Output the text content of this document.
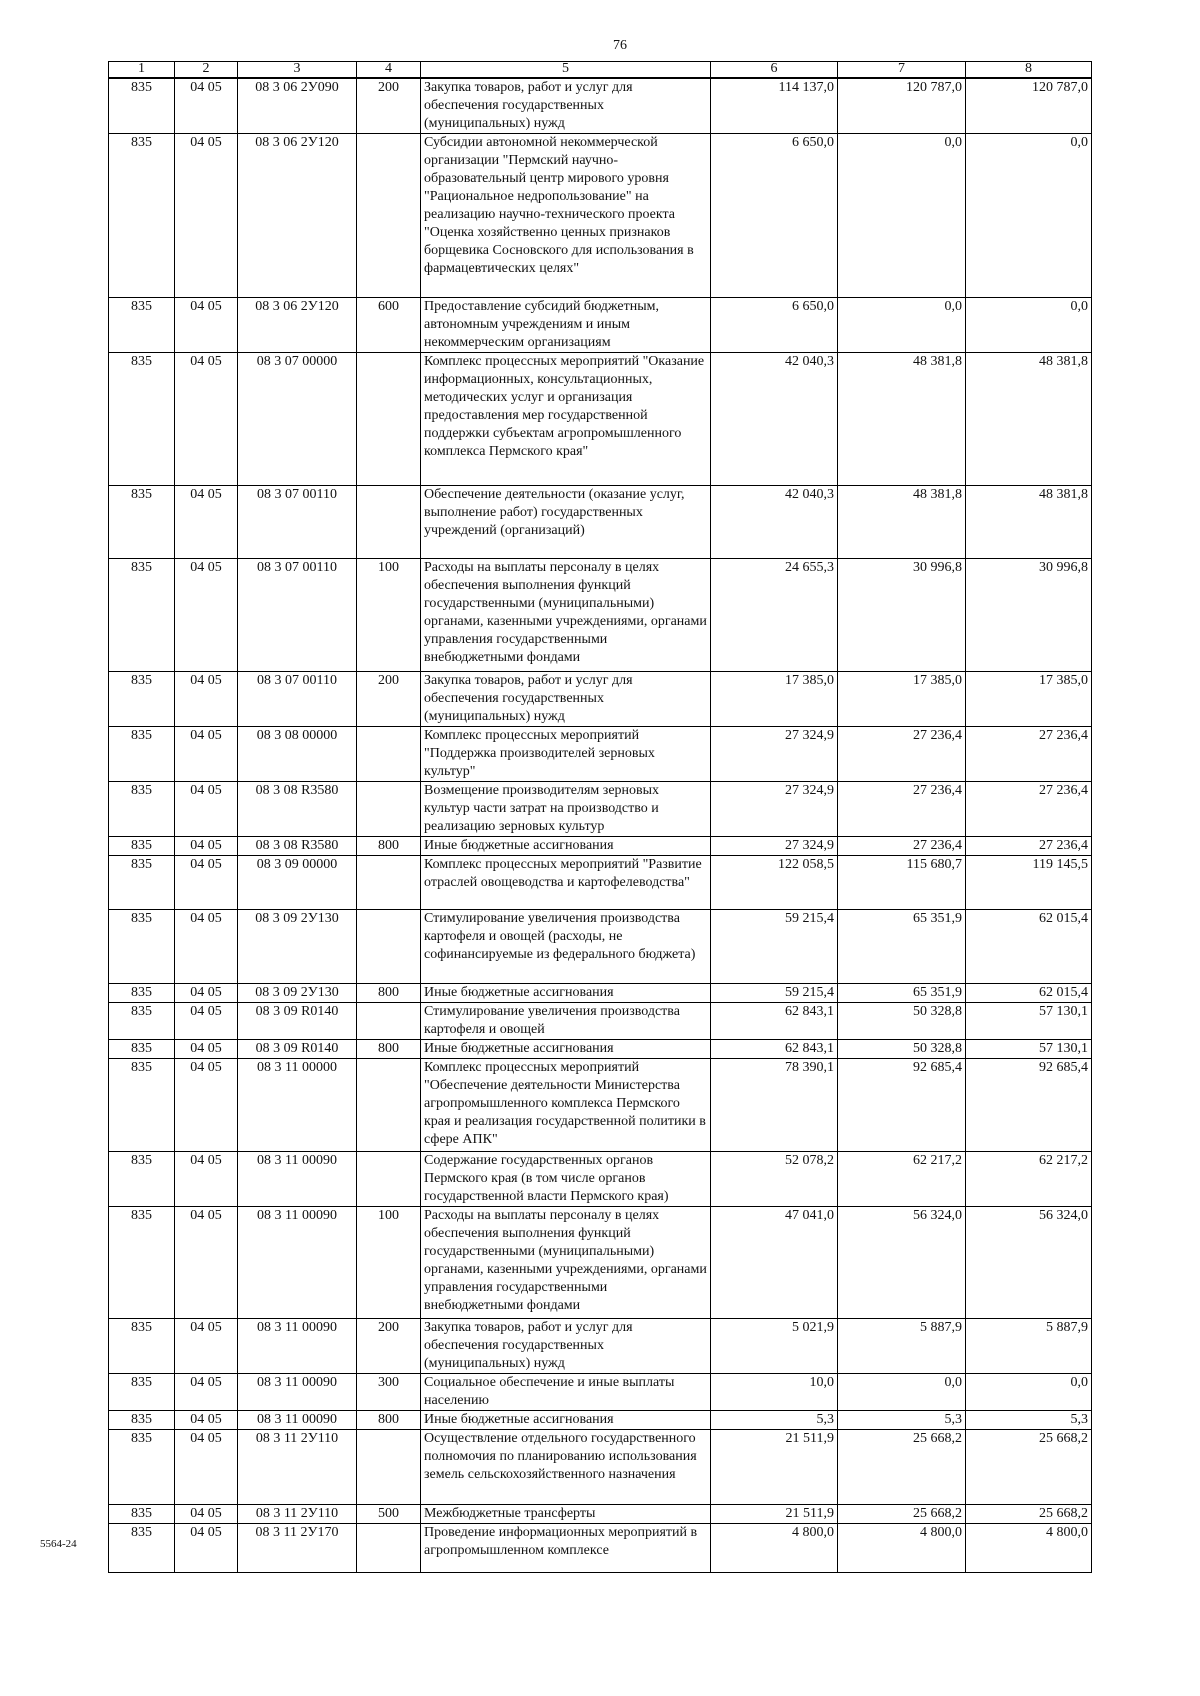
76
1	2	3	4	5	6	7	8
835	04 05	08 3 06 2У090	200	Закупка товаров, работ и услуг для обеспечения государственных (муниципальных) нужд	114 137,0	120 787,0	120 787,0
835	04 05	08 3 06 2У120		Субсидии автономной некоммерческой организации "Пермский научно-образовательный центр мирового уровня "Рациональное недропользование" на реализацию научно-технического проекта "Оценка хозяйственно ценных признаков борщевика Сосновского для использования в фармацевтических целях"	6 650,0	0,0	0,0
835	04 05	08 3 06 2У120	600	Предоставление субсидий бюджетным, автономным учреждениям и иным некоммерческим организациям	6 650,0	0,0	0,0
835	04 05	08 3 07 00000		Комплекс процессных мероприятий "Оказание информационных, консультационных, методических услуг и организация предоставления мер государственной поддержки субъектам агропромышленного комплекса Пермского края"	42 040,3	48 381,8	48 381,8
835	04 05	08 3 07 00110		Обеспечение деятельности (оказание услуг, выполнение работ) государственных учреждений (организаций)	42 040,3	48 381,8	48 381,8
835	04 05	08 3 07 00110	100	Расходы на выплаты персоналу в целях обеспечения выполнения функций государственными (муниципальными) органами, казенными учреждениями, органами управления государственными внебюджетными фондами	24 655,3	30 996,8	30 996,8
835	04 05	08 3 07 00110	200	Закупка товаров, работ и услуг для обеспечения государственных (муниципальных) нужд	17 385,0	17 385,0	17 385,0
835	04 05	08 3 08 00000		Комплекс процессных мероприятий "Поддержка производителей зерновых культур"	27 324,9	27 236,4	27 236,4
835	04 05	08 3 08 R3580		Возмещение производителям зерновых культур части затрат на производство и реализацию зерновых культур	27 324,9	27 236,4	27 236,4
835	04 05	08 3 08 R3580	800	Иные бюджетные ассигнования	27 324,9	27 236,4	27 236,4
835	04 05	08 3 09 00000		Комплекс процессных мероприятий "Развитие отраслей овощеводства и картофелеводства"	122 058,5	115 680,7	119 145,5
835	04 05	08 3 09 2У130		Стимулирование увеличения производства картофеля и овощей (расходы, не софинансируемые из федерального бюджета)	59 215,4	65 351,9	62 015,4
835	04 05	08 3 09 2У130	800	Иные бюджетные ассигнования	59 215,4	65 351,9	62 015,4
835	04 05	08 3 09 R0140		Стимулирование увеличения производства картофеля и овощей	62 843,1	50 328,8	57 130,1
835	04 05	08 3 09 R0140	800	Иные бюджетные ассигнования	62 843,1	50 328,8	57 130,1
835	04 05	08 3 11 00000		Комплекс процессных мероприятий "Обеспечение деятельности Министерства агропромышленного комплекса Пермского края и реализация государственной политики в сфере АПК"	78 390,1	92 685,4	92 685,4
835	04 05	08 3 11 00090		Содержание государственных органов Пермского края (в том числе органов государственной власти Пермского края)	52 078,2	62 217,2	62 217,2
835	04 05	08 3 11 00090	100	Расходы на выплаты персоналу в целях обеспечения выполнения функций государственными (муниципальными) органами, казенными учреждениями, органами управления государственными внебюджетными фондами	47 041,0	56 324,0	56 324,0
835	04 05	08 3 11 00090	200	Закупка товаров, работ и услуг для обеспечения государственных (муниципальных) нужд	5 021,9	5 887,9	5 887,9
835	04 05	08 3 11 00090	300	Социальное обеспечение и иные выплаты населению	10,0	0,0	0,0
835	04 05	08 3 11 00090	800	Иные бюджетные ассигнования	5,3	5,3	5,3
835	04 05	08 3 11 2У110		Осуществление отдельного государственного полномочия по планированию использования земель сельскохозяйственного назначения	21 511,9	25 668,2	25 668,2
835	04 05	08 3 11 2У110	500	Межбюджетные трансферты	21 511,9	25 668,2	25 668,2
835	04 05	08 3 11 2У170		Проведение информационных мероприятий в агропромышленном комплексе	4 800,0	4 800,0	4 800,0
5564-24
